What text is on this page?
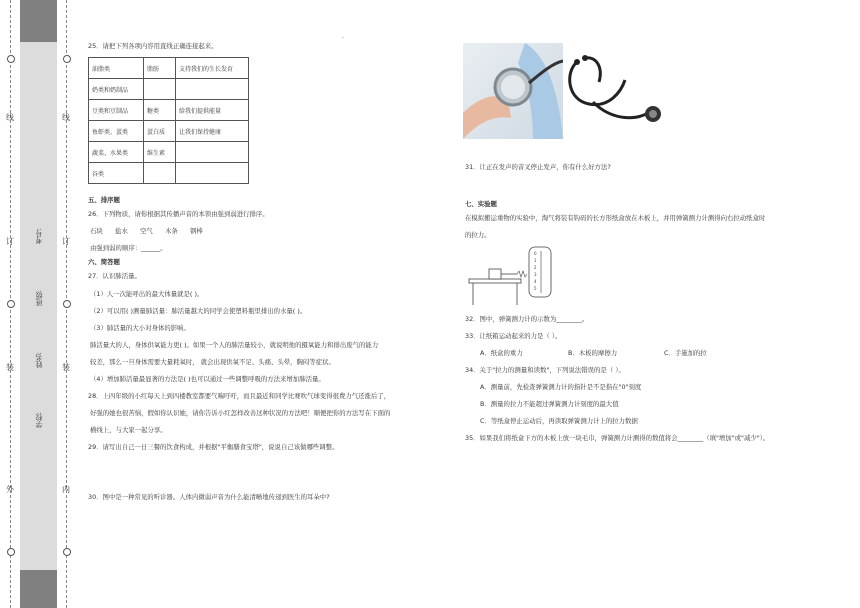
线
订
装
外
线
订
装
内
学校:
姓名:
班级:
考号:
.
25．请把下列各项内容用直线正确连接起来。
油脂类	脂肪	支持我们的生长发育
奶类和奶制品		
豆类和豆制品	糖类	给我们提供能量
鱼虾类、蛋类	蛋白质	让我们保持健康
蔬菜、水果类	维生素	
谷类		
五、排序题
26．下列物质，请你根据其传播声音的本领由强到弱进行排序。
石块 盐水 空气 木条 钢棒
由强到弱的顺序：______。
六、简答题
27．认识肺活量。
（1）人一次能呼出的最大体量就是( )。
（2）可以用( )测量肺活量：肺活量越大的同学会使塑料瓶里排出的水量( )。
（3）肺活量的大小对身体的影响。
肺活量大的人，身体供氧能力更( )。如果一个人的肺活量较小，就说明他的摄氧能力和排出废气的能力
较差，那么一旦身体需要大量耗氧时， 就会出现供氧不足、头痛、头晕，胸闷等症状。
（4）增加肺活量最显著的方法是( )也可以通过一些调整呼吸的方法来增加肺活量。
28．上四年级的小红每天上到四楼教室都要气喘吁吁，而且最近和同学比赛吹气球变得很费力气还涨后了，
好强的她也很苦恼，假如你认识她，请你告诉小红怎样改善这种状况的方法吧！顺便把你的方法写在下面的
横线上，与大家一起分享。
29．请写出自己一日三餐的饮食构成，并根据"平衡膳食宝塔"，说说自己该做哪些调整。
30．图中是一种常见的听诊器。人体内微弱声音为什么能清晰地传递到医生的耳朵中?
31．让正在发声的音叉停止发声，你有什么好方法?
七、实验题
在模拟搬运重物的实验中，淘气将装有钩码的长方形纸盒放在木板上，并用弹簧测力计测得向右拉动纸盒时
的拉力。
0
1
2
3
4
5
32．图中，弹簧测力计的示数为________。
33．让纸箱运动起来的力是（ ）。
A．纸盒的重力	B．木板的摩擦力	C．手施加的拉
34．关于"拉力的测量和读数"，下列说法错误的是（ ）。
A．测量前，先检查弹簧测力计的指针是不是指在"0"刻度
B．测量的拉力不能超过弹簧测力计刻度的最大值
C．等纸盒停止运动后，再读取弹簧测力计上的拉力数据
35．如果我们将纸盒下方的木板上放一块毛巾，弹簧测力计测得的数值将会________（填"增加"或"减少"）。
